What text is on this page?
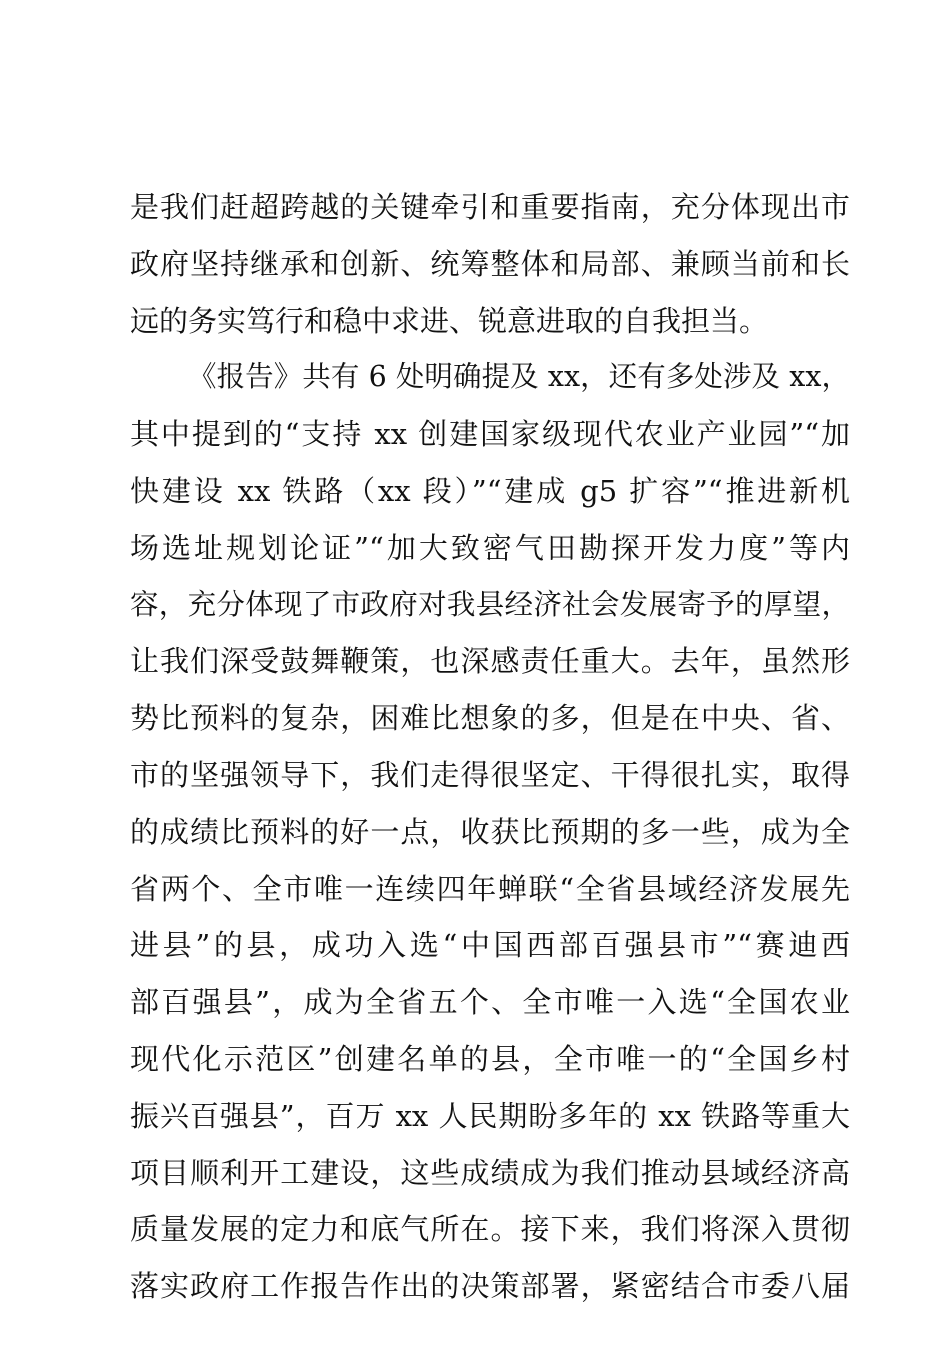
是我们赶超跨越的关键牵引和重要指南，充分体现出市
政府坚持继承和创新、统筹整体和局部、兼顾当前和长
远的务实笃行和稳中求进、锐意进取的自我担当。
《报告》共有 6 处明确提及 xx，还有多处涉及 xx，
其中提到的“支持 xx 创建国家级现代农业产业园”“加
快建设 xx 铁路（xx 段）”“建成 g5 扩容”“推进新机
场选址规划论证”“加大致密气田勘探开发力度”等内
容，充分体现了市政府对我县经济社会发展寄予的厚望，
让我们深受鼓舞鞭策，也深感责任重大。去年，虽然形
势比预料的复杂，困难比想象的多，但是在中央、省、
市的坚强领导下，我们走得很坚定、干得很扎实，取得
的成绩比预料的好一点，收获比预期的多一些，成为全
省两个、全市唯一连续四年蝉联“全省县域经济发展先
进县”的县，成功入选“中国西部百强县市”“赛迪西
部百强县”，成为全省五个、全市唯一入选“全国农业
现代化示范区”创建名单的县，全市唯一的“全国乡村
振兴百强县”，百万 xx 人民期盼多年的 xx 铁路等重大
项目顺利开工建设，这些成绩成为我们推动县域经济高
质量发展的定力和底气所在。接下来，我们将深入贯彻
落实政府工作报告作出的决策部署，紧密结合市委八届
